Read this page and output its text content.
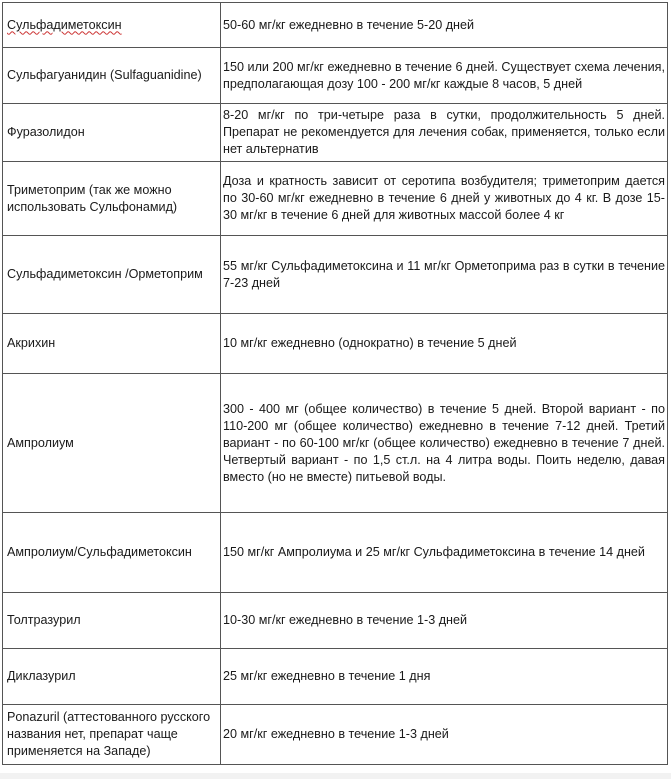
Сульфадиметоксин	50-60 мг/кг ежедневно в течение 5-20 дней
Сульфагуанидин (Sulfaguanidine)	150 или 200 мг/кг ежедневно в течение 6 дней. Существует схема лечения, предполагающая дозу 100 - 200 мг/кг каждые 8 часов, 5 дней
Фуразолидон	8-20 мг/кг по три-четыре раза в сутки, продолжительность 5 дней. Препарат не рекомендуется для лечения собак, применяется, только если нет альтернатив
Триметоприм (так же можно использовать Сульфонамид)	Доза и кратность зависит от серотипа возбудителя; триметоприм дается по 30-60 мг/кг ежедневно в течение 6 дней у животных до 4 кг. В дозе 15-30 мг/кг в течение 6 дней для животных массой более 4 кг
Сульфадиметоксин /Орметоприм	55 мг/кг Сульфадиметоксина и 11 мг/кг Орметоприма раз в сутки в течение 7-23 дней
Акрихин	10 мг/кг ежедневно (однократно) в течение 5 дней
Ампролиум	300 - 400 мг (общее количество) в течение 5 дней. Второй вариант - по 110-200 мг (общее количество) ежедневно в течение 7-12 дней. Третий вариант - по 60-100 мг/кг (общее количество) ежедневно в течение 7 дней. Четвертый вариант - по 1,5 ст.л. на 4 литра воды. Поить неделю, давая вместо (но не вместе) питьевой воды.
Ампролиум/Сульфадиметоксин	150 мг/кг Ампролиума и 25 мг/кг Сульфадиметоксина в течение 14 дней
Толтразурил	10-30 мг/кг ежедневно в течение 1-3 дней
Диклазурил	25 мг/кг ежедневно в течение 1 дня
Ponazuril (аттестованного русского названия нет, препарат чаще применяется на Западе)	20 мг/кг ежедневно в течение 1-3 дней
